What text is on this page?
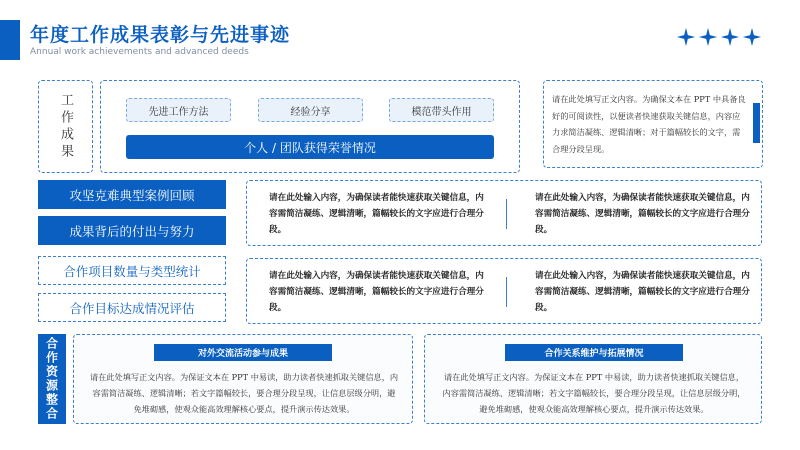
年度工作成果表彰与先进事迹
Annual work achievements and advanced deeds
工作成果	先进工作方法	经验分享	模范带头作用
个人 / 团队获得荣誉情况
请在此处填写正文内容。为确保文本在 PPT 中具备良好的可阅读性，以便读者快速获取关键信息，内容应力求简洁凝练、逻辑清晰；对于篇幅较长的文字，需合理分段呈现。
攻坚克难典型案例回顾
成果背后的付出与努力
请在此处输入内容，为确保读者能快速获取关键信息，内容需简洁凝练、逻辑清晰，篇幅较长的文字应进行合理分段。
请在此处输入内容，为确保读者能快速获取关键信息，内容需简洁凝练、逻辑清晰，篇幅较长的文字应进行合理分段。
合作项目数量与类型统计
合作目标达成情况评估
请在此处输入内容，为确保读者能快速获取关键信息，内容需简洁凝练、逻辑清晰，篇幅较长的文字应进行合理分段。
请在此处输入内容，为确保读者能快速获取关键信息，内容需简洁凝练、逻辑清晰，篇幅较长的文字应进行合理分段。
合作资源整合	对外交流活动参与成果
请在此处填写正文内容。为保证文本在 PPT 中易读，助力读者快速抓取关键信息，内容需简洁凝练、逻辑清晰；若文字篇幅较长，要合理分段呈现，让信息层级分明，避免堆砌感，使观众能高效理解核心要点，提升演示传达效果。
合作关系维护与拓展情况
请在此处填写正文内容。为保证文本在 PPT 中易读，助力读者快速抓取关键信息，内容需简洁凝练、逻辑清晰；若文字篇幅较长，要合理分段呈现，让信息层级分明，避免堆砌感，使观众能高效理解核心要点，提升演示传达效果。
